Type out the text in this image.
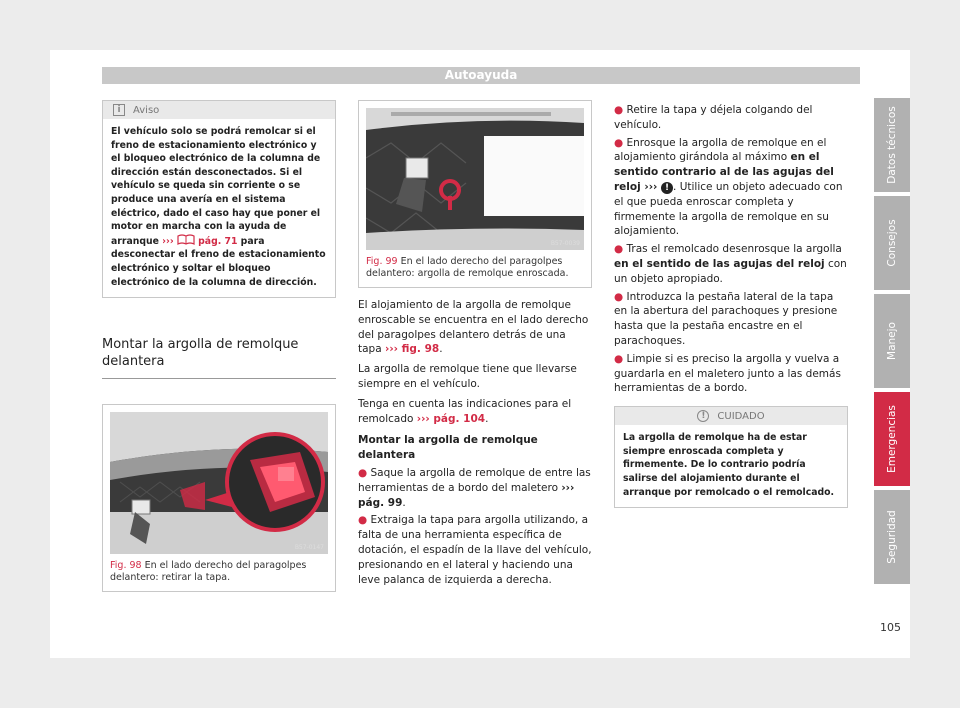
Autoayuda
i	Aviso
El vehículo solo se podrá remolcar si el freno de estacionamiento electrónico y el bloqueo electrónico de la columna de dirección están desconectados. Si el vehículo se queda sin corriente o se produce una avería en el sistema eléctrico, dado el caso hay que poner el motor en marcha con la ayuda de arranque ›››  pág. 71 para desconectar el freno de estacionamiento electrónico y soltar el bloqueo electrónico de la columna de dirección.
Montar la argolla de remolque delantera
B57-0147
Fig. 98 En el lado derecho del paragolpes delantero: retirar la tapa.
B57-0039
Fig. 99 En el lado derecho del paragolpes delantero: argolla de remolque enroscada.

El alojamiento de la argolla de remolque enroscable se encuentra en el lado derecho del paragolpes delantero detrás de una tapa ››› fig. 98.

La argolla de remolque tiene que llevarse siempre en el vehículo.

Tenga en cuenta las indicaciones para el remolcado ››› pág. 104.

Montar la argolla de remolque delantera
● Saque la argolla de remolque de entre las herramientas de a bordo del maletero ››› pág. 99.
● Extraiga la tapa para argolla utilizando, a falta de una herramienta específica de dotación, el espadín de la llave del vehículo, presionando en el lateral y haciendo una leve palanca de izquierda a derecha.
● Retire la tapa y déjela colgando del vehículo.
● Enrosque la argolla de remolque en el alojamiento girándola al máximo en el sentido contrario al de las agujas del reloj ››› ! . Utilice un objeto adecuado con el que pueda enroscar completa y firmemente la argolla de remolque en su alojamiento.
● Tras el remolcado desenrosque la argolla en el sentido de las agujas del reloj con un objeto apropiado.
● Introduzca la pestaña lateral de la tapa en la abertura del parachoques y presione hasta que la pestaña encastre en el parachoques.
● Limpie si es preciso la argolla y vuelva a guardarla en el maletero junto a las demás herramientas de a bordo.
!	CUIDADO
La argolla de remolque ha de estar siempre enroscada completa y firmemente. De lo contrario podría salirse del alojamiento durante el arranque por remolcado o el remolcado.
Datos técnicos
Consejos
Manejo
Emergencias
Seguridad
105
